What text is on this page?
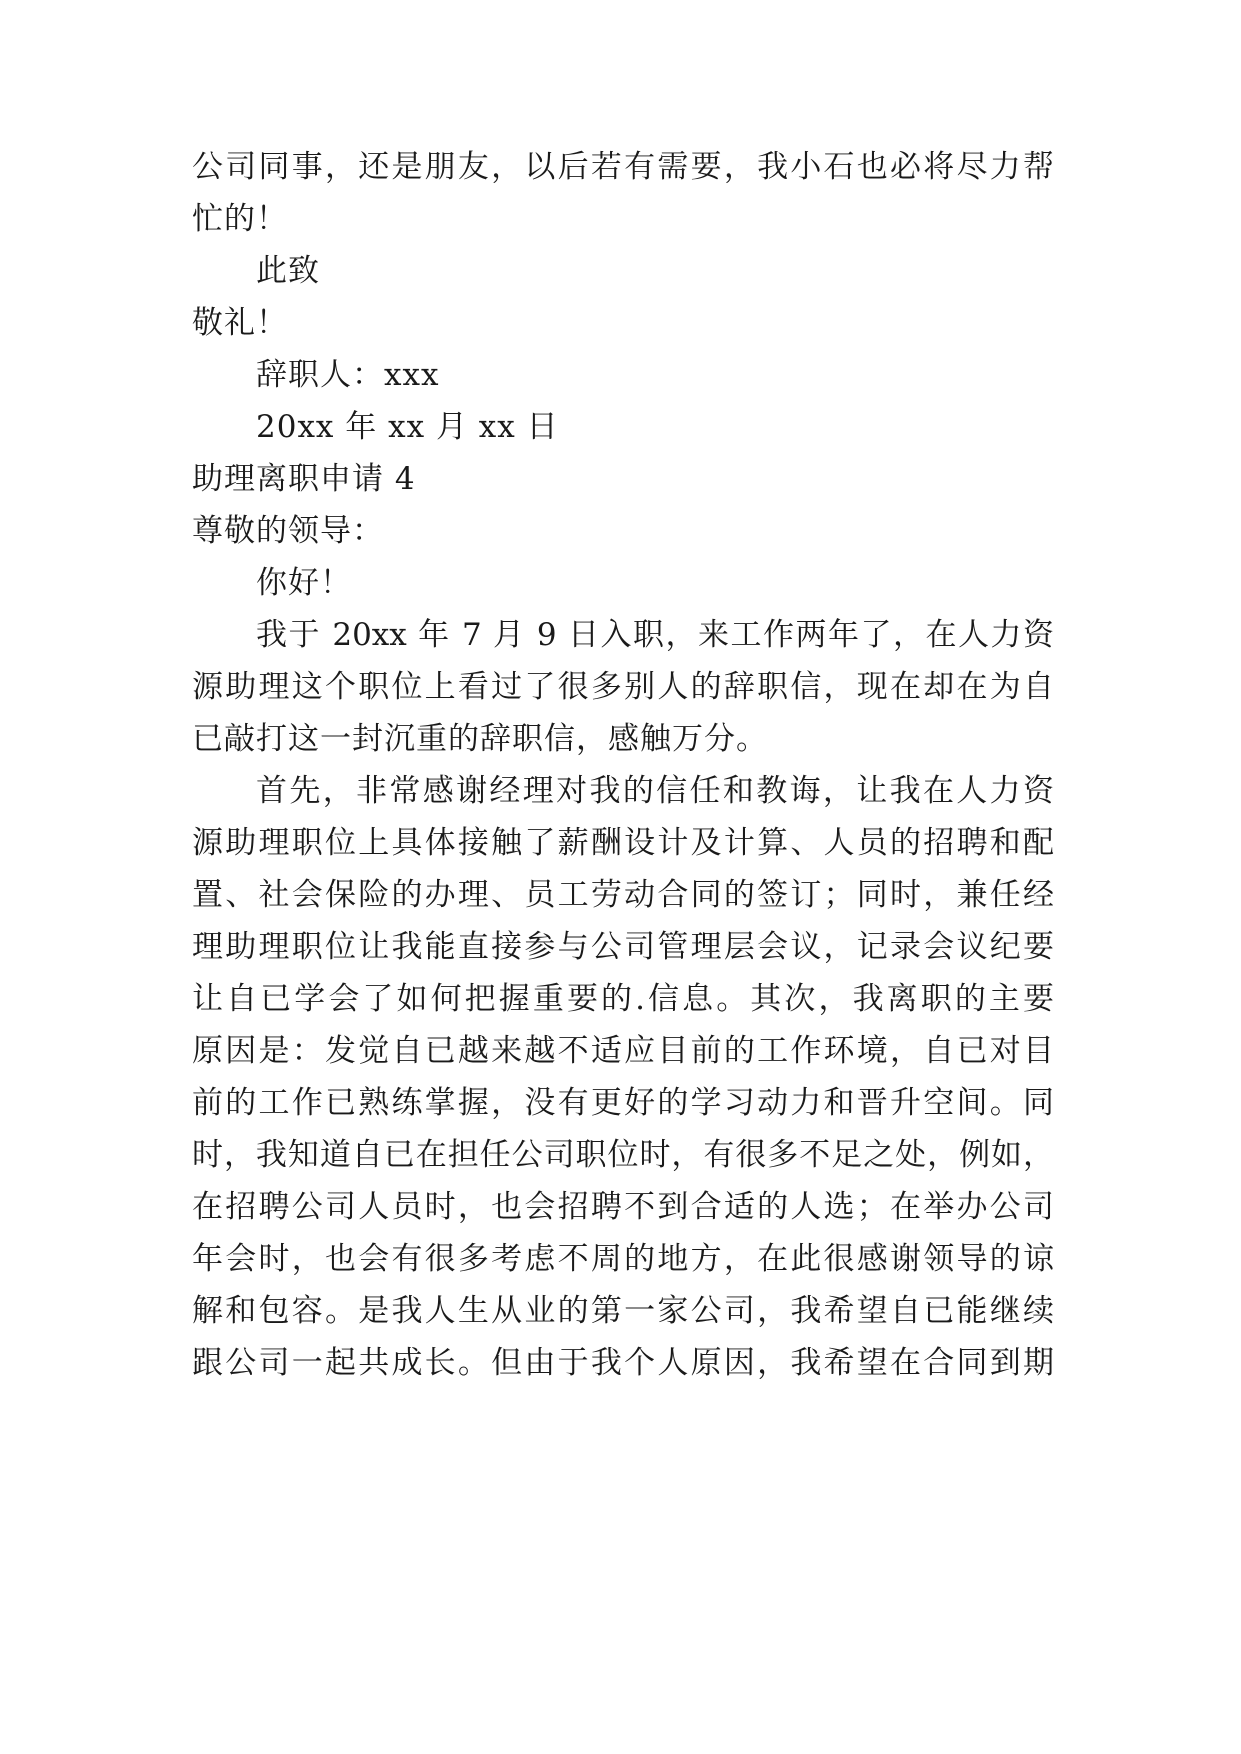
公司同事，还是朋友，以后若有需要，我小石也必将尽力帮
忙的！
此致
敬礼！
辞职人：xxx
20xx 年 xx 月 xx 日
助理离职申请 4
尊敬的领导：
你好！
我于 20xx 年 7 月 9 日入职，来工作两年了，在人力资
源助理这个职位上看过了很多别人的辞职信，现在却在为自
已敲打这一封沉重的辞职信，感触万分。
首先，非常感谢经理对我的信任和教诲，让我在人力资
源助理职位上具体接触了薪酬设计及计算、人员的招聘和配
置、社会保险的办理、员工劳动合同的签订；同时，兼任经
理助理职位让我能直接参与公司管理层会议，记录会议纪要
让自已学会了如何把握重要的.信息。其次，我离职的主要
原因是：发觉自已越来越不适应目前的工作环境，自已对目
前的工作已熟练掌握，没有更好的学习动力和晋升空间。同
时，我知道自已在担任公司职位时，有很多不足之处，例如，
在招聘公司人员时，也会招聘不到合适的人选；在举办公司
年会时，也会有很多考虑不周的地方，在此很感谢领导的谅
解和包容。是我人生从业的第一家公司，我希望自已能继续
跟公司一起共成长。但由于我个人原因，我希望在合同到期
